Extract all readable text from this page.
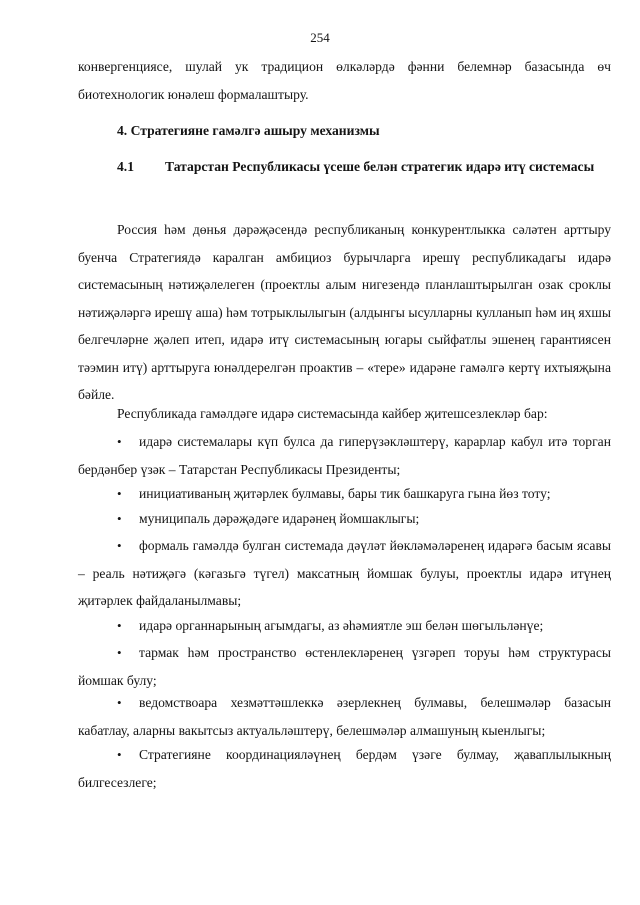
254

конвергенциясе, шулай ук традицион өлкәләрдә фәнни белемнәр базасында өч биотехнологик юнәлеш формалаштыру.

4. Стратегияне гамәлгә ашыру механизмы

4.1 Татарстан Республикасы үсеше белән стратегик идарә итү системасы

Россия һәм дөнья дәрәҗәсендә республиканың конкурентлыкка сәләтен арттыру буенча Стратегиядә каралган амбициоз бурычларга ирешү республикадагы идарә системасының нәтиҗәлелеген (проектлы алым нигезендә планлаштырылган озак сроклы нәтиҗәләргә ирешү аша) һәм тотрыклылыгын (алдынгы ысулларны кулланып һәм иң яхшы белгечләрне җәлеп итеп, идарә итү системасының югары сыйфатлы эшенең гарантиясен тәэмин итү) арттыруга юнәлдерелгән проактив – «тере» идарәне гамәлгә кертү ихтыяҗына бәйле.

Республикада гамәлдәге идарә системасында кайбер җитешсезлекләр бар:

• идарә системалары күп булса да гиперүзәкләштерү, карарлар кабул итә торган бердәнбер үзәк – Татарстан Республикасы Президенты;

• инициативаның җитәрлек булмавы, бары тик башкаруга гына йөз тоту;

• муниципаль дәрәҗәдәге идарәнең йомшаклыгы;

• формаль гамәлдә булган системада дәүләт йөкләмәләренең идарәгә басым ясавы – реаль нәтиҗәгә (кәгазьгә түгел) максатның йомшак булуы, проектлы идарә итүнең җитәрлек файдаланылмавы;

• идарә органнарының агымдагы, аз әһәмиятле эш белән шөгыльләнүе;

• тармак һәм пространство өстенлекләренең үзгәреп торуы һәм структурасы йомшак булу;

• ведомствоара хезмәттәшлеккә әзерлекнең булмавы, белешмәләр базасын кабатлау, аларны вакытсыз актуальләштерү, белешмәләр алмашуның кыенлыгы;

• Стратегияне координацияләүнең бердәм үзәге булмау, җаваплылыкның билгесезлеге;
